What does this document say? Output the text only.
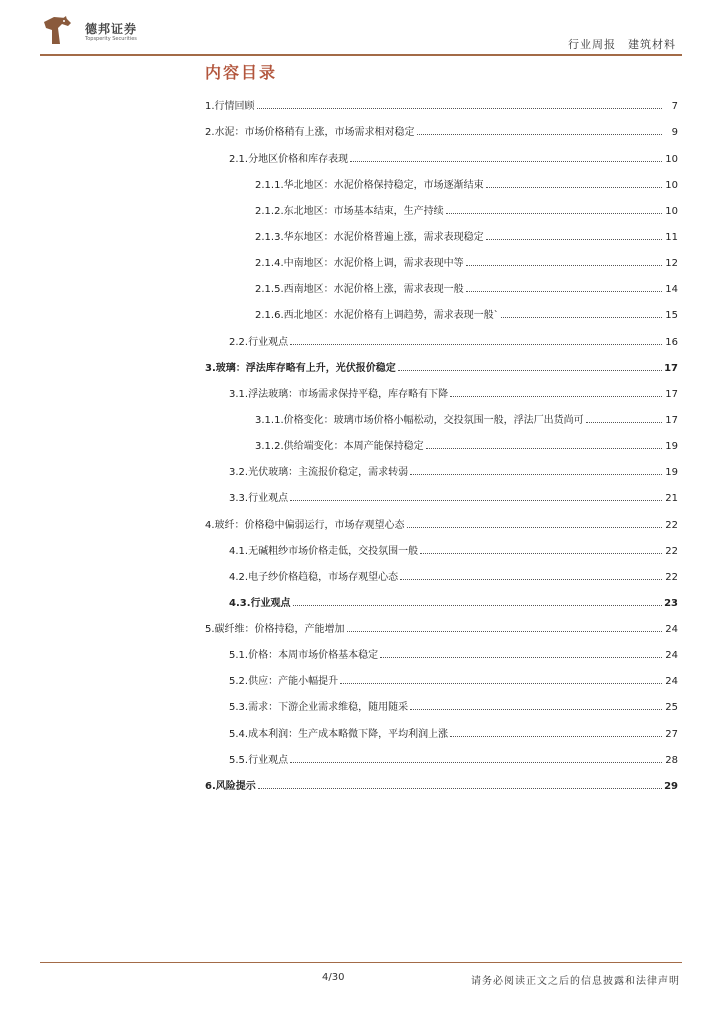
德邦证券
Topsperity Securities	行业周报 建筑材料
内容目录
1. 行情回顾	7
2. 水泥：市场价格稍有上涨，市场需求相对稳定	9
2.1. 分地区价格和库存表现	10
2.1.1. 华北地区：水泥价格保持稳定，市场逐渐结束	10
2.1.2. 东北地区：市场基本结束，生产持续	10
2.1.3. 华东地区：水泥价格普遍上涨，需求表现稳定	11
2.1.4. 中南地区：水泥价格上调，需求表现中等	12
2.1.5. 西南地区：水泥价格上涨，需求表现一般	14
2.1.6. 西北地区：水泥价格有上调趋势，需求表现一般`	15
2.2. 行业观点	16
3. 玻璃：浮法库存略有上升，光伏报价稳定	17
3.1. 浮法玻璃：市场需求保持平稳，库存略有下降	17
3.1.1. 价格变化：玻璃市场价格小幅松动，交投氛围一般，浮法厂出货尚可	17
3.1.2. 供给端变化：本周产能保持稳定	19
3.2. 光伏玻璃：主流报价稳定，需求转弱	19
3.3. 行业观点	21
4. 玻纤：价格稳中偏弱运行，市场存观望心态	22
4.1. 无碱粗纱市场价格走低，交投氛围一般	22
4.2. 电子纱价格趋稳，市场存观望心态	22
4.3. 行业观点	23
5. 碳纤维：价格持稳，产能增加	24
5.1. 价格：本周市场价格基本稳定	24
5.2. 供应：产能小幅提升	24
5.3. 需求：下游企业需求维稳，随用随采	25
5.4. 成本利润：生产成本略微下降，平均利润上涨	27
5.5. 行业观点	28
6. 风险提示	29
4/30	请务必阅读正文之后的信息披露和法律声明
